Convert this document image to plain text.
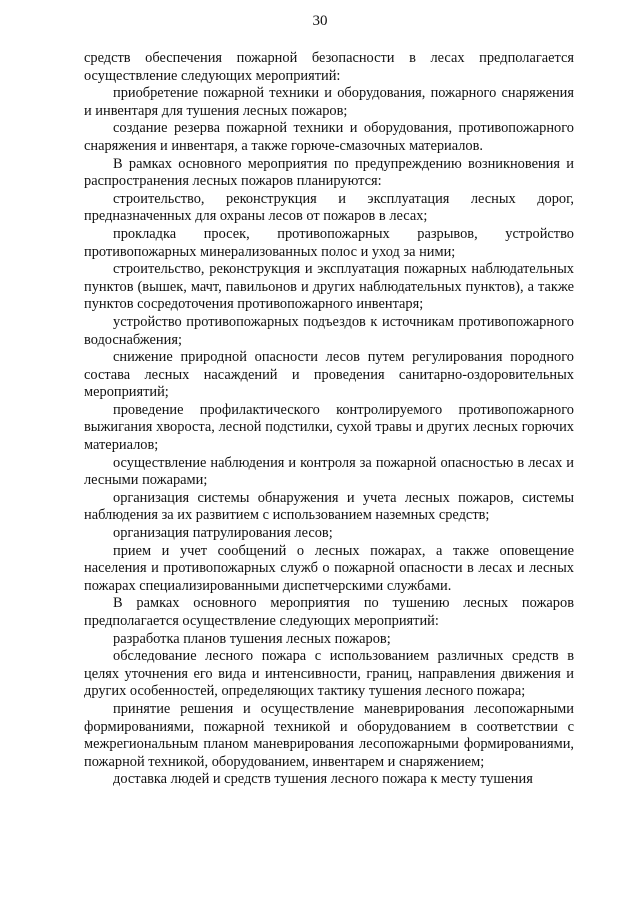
30

средств обеспечения пожарной безопасности в лесах предполагается осуществление следующих мероприятий:

приобретение пожарной техники и оборудования, пожарного снаряжения и инвентаря для тушения лесных пожаров;

создание резерва пожарной техники и оборудования, противопожарного снаряжения и инвентаря, а также горюче-смазочных материалов.

В рамках основного мероприятия по предупреждению возникновения и распространения лесных пожаров планируются:

строительство, реконструкция и эксплуатация лесных дорог, предназначенных для охраны лесов от пожаров в лесах;

прокладка просек, противопожарных разрывов, устройство противопожарных минерализованных полос и уход за ними;

строительство, реконструкция и эксплуатация пожарных наблюдательных пунктов (вышек, мачт, павильонов и других наблюдательных пунктов), а также пунктов сосредоточения противопожарного инвентаря;

устройство противопожарных подъездов к источникам противопожарного водоснабжения;

снижение природной опасности лесов путем регулирования породного состава лесных насаждений и проведения санитарно-оздоровительных мероприятий;

проведение профилактического контролируемого противопожарного выжигания хвороста, лесной подстилки, сухой травы и других лесных горючих материалов;

осуществление наблюдения и контроля за пожарной опасностью в лесах и лесными пожарами;

организация системы обнаружения и учета лесных пожаров, системы наблюдения за их развитием с использованием наземных средств;

организация патрулирования лесов;

прием и учет сообщений о лесных пожарах, а также оповещение населения и противопожарных служб о пожарной опасности в лесах и лесных пожарах специализированными диспетчерскими службами.

В рамках основного мероприятия по тушению лесных пожаров предполагается осуществление следующих мероприятий:

разработка планов тушения лесных пожаров;

обследование лесного пожара с использованием различных средств в целях уточнения его вида и интенсивности, границ, направления движения и других особенностей, определяющих тактику тушения лесного пожара;

принятие решения и осуществление маневрирования лесопожарными формированиями, пожарной техникой и оборудованием в соответствии с межрегиональным планом маневрирования лесопожарными формированиями, пожарной техникой, оборудованием, инвентарем и снаряжением;

доставка людей и средств тушения лесного пожара к месту тушения
